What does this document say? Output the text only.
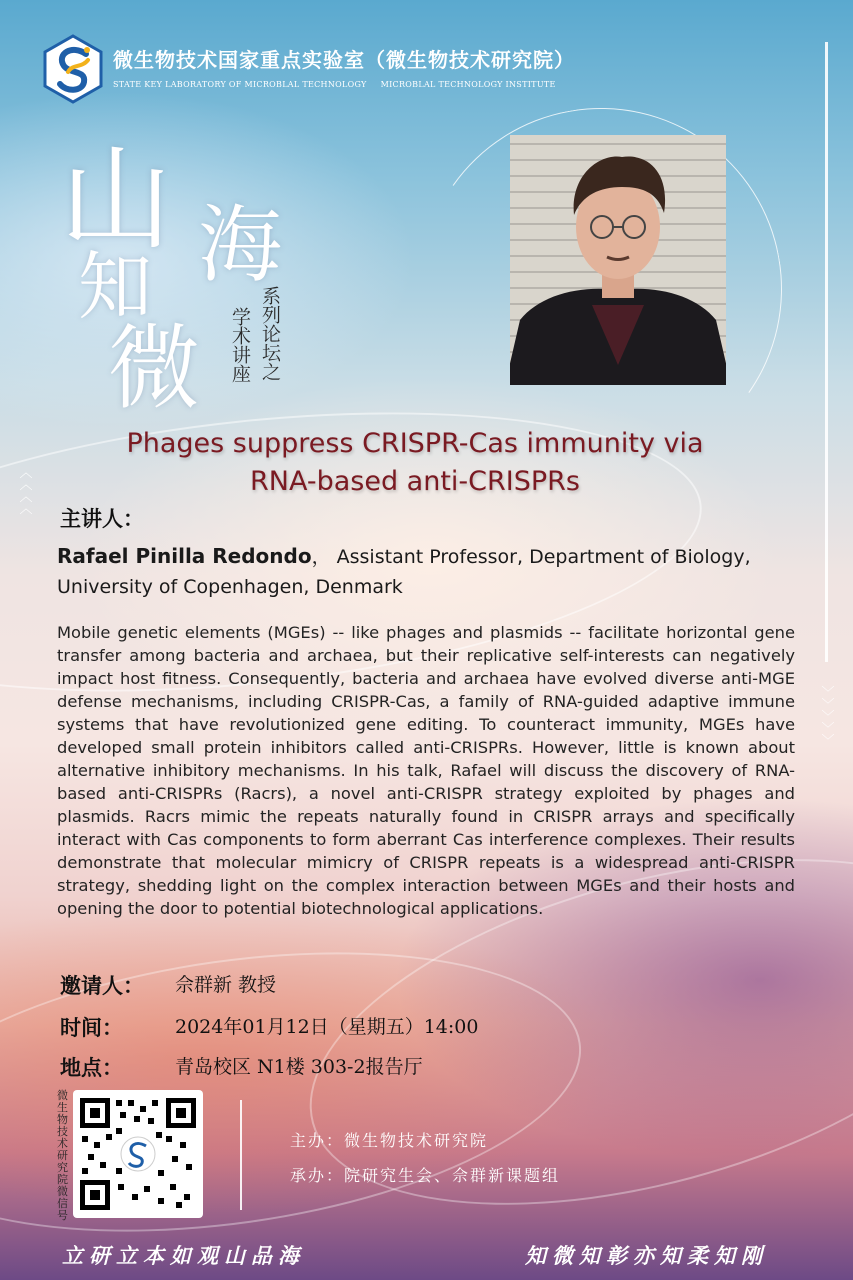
微生物技术国家重点实验室（微生物技术研究院）
STATE KEY LABORATORY OF MICROBLAL TECHNOLOGY MICROBLAL TECHNOLOGY INSTITUTE
山 海
知
微 学术讲座 系列论坛之
Phages suppress CRISPR-Cas immunity via
RNA-based anti-CRISPRs
︿
︿
︿
︿
﹀
﹀
﹀
﹀
﹀
主讲人：
Rafael Pinilla Redondo， Assistant Professor, Department of Biology, University of Copenhagen, Denmark
Mobile genetic elements (MGEs) -- like phages and plasmids -- facilitate horizontal gene transfer among bacteria and archaea, but their replicative self-interests can negatively impact host fitness. Consequently, bacteria and archaea have evolved diverse anti-MGE defense mechanisms, including CRISPR-Cas, a family of RNA-guided adaptive immune systems that have revolutionized gene editing. To counteract immunity, MGEs have developed small protein inhibitors called anti-CRISPRs. However, little is known about alternative inhibitory mechanisms. In his talk, Rafael will discuss the discovery of RNA-based anti-CRISPRs (Racrs), a novel anti-CRISPR strategy exploited by phages and plasmids. Racrs mimic the repeats naturally found in CRISPR arrays and specifically interact with Cas components to form aberrant Cas interference complexes. Their results demonstrate that molecular mimicry of CRISPR repeats is a widespread anti-CRISPR strategy, shedding light on the complex interaction between MGEs and their hosts and opening the door to potential biotechnological applications.
邀请人： 佘群新 教授
时间：	2024年01月12日（星期五）14:00
地点：	青岛校区 N1楼 303-2报告厅
微生物技术研究院微信号
主办：微生物技术研究院
承办：院研究生会、佘群新课题组
立研立本如观山品海	知微知彰亦知柔知刚
